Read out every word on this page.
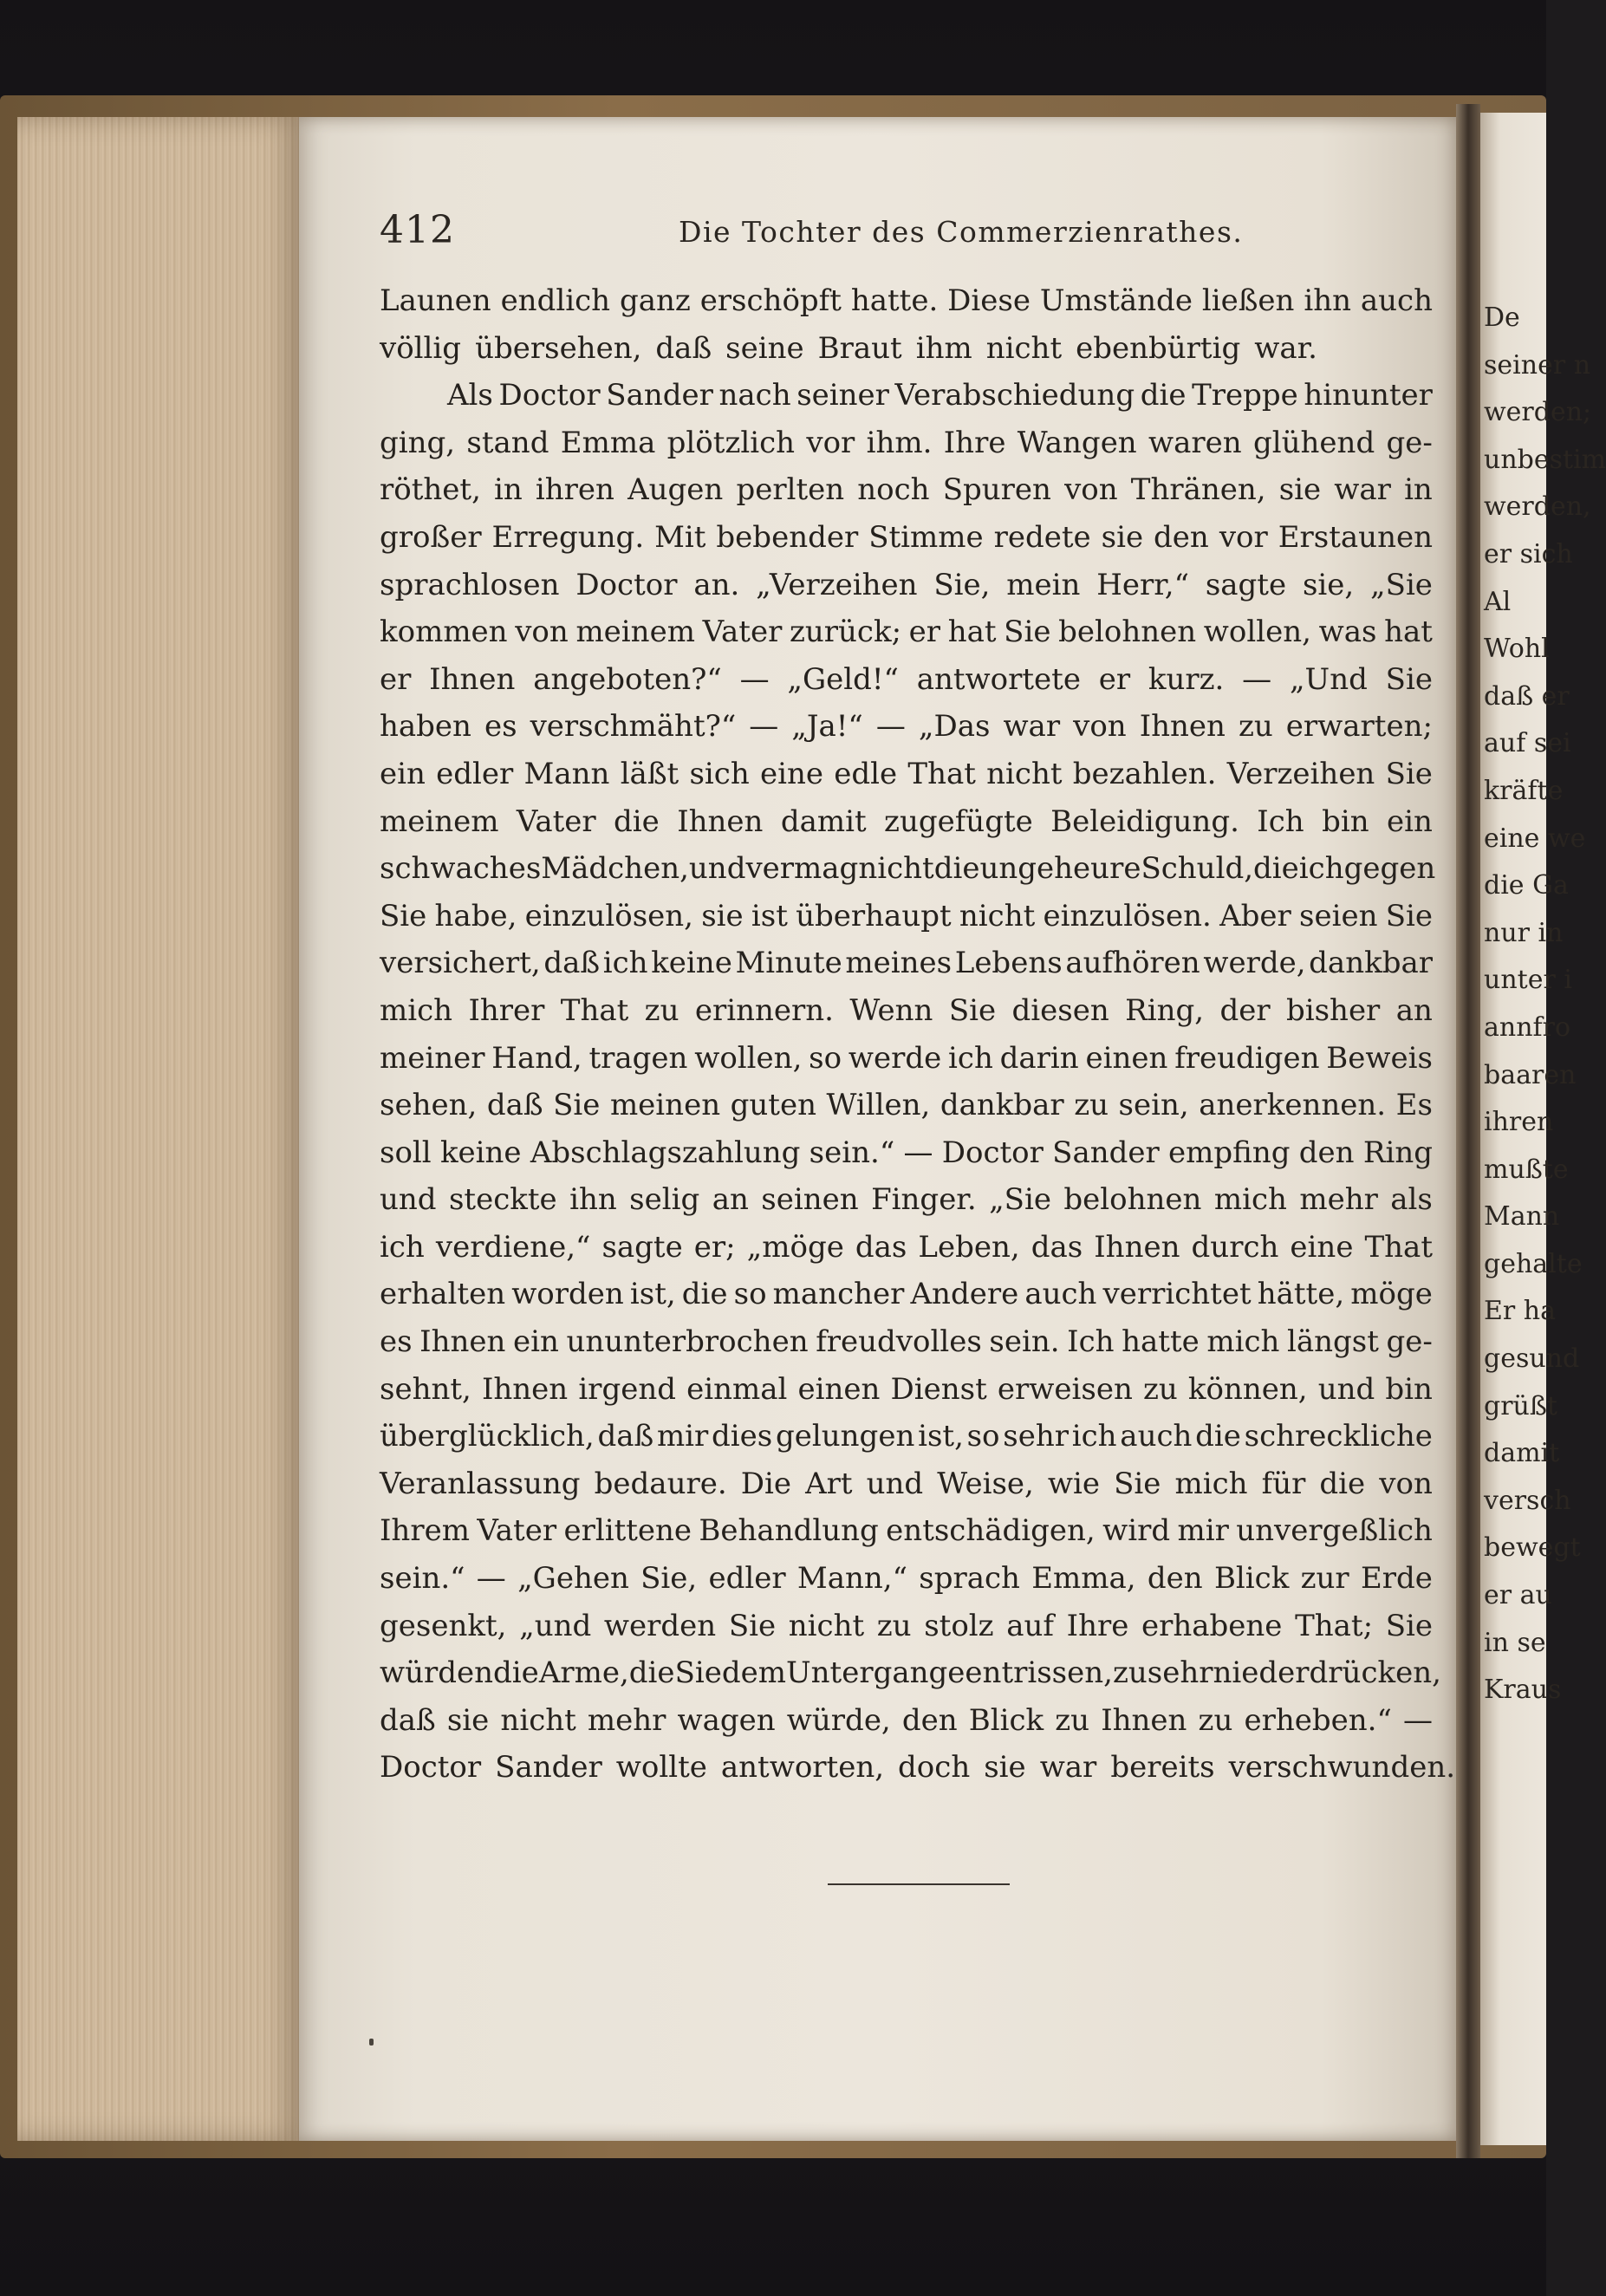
De
seiner n
werden;
unbestim
werden,
er sich
Al
Wohl
daß er
auf sei
kräfte
eine we
die Ga
nur in
unter i
annfro
baaren
ihren
mußte
Mann
gehalte
Er ha
gesund
grüßt
damit
versch
bewegt
er au
in se
Kraus
412	Die Tochter des Commerzienrathes.
Launen endlich ganz erschöpft hatte. Diese Umstände ließen ihn auch
völlig übersehen, daß seine Braut ihm nicht ebenbürtig war.
Als Doctor Sander nach seiner Verabschiedung die Treppe hinunter
ging, stand Emma plötzlich vor ihm. Ihre Wangen waren glühend ge-
röthet, in ihren Augen perlten noch Spuren von Thränen, sie war in
großer Erregung. Mit bebender Stimme redete sie den vor Erstaunen
sprachlosen Doctor an. „Verzeihen Sie, mein Herr,“ sagte sie, „Sie
kommen von meinem Vater zurück; er hat Sie belohnen wollen, was hat
er Ihnen angeboten?“ — „Geld!“ antwortete er kurz. — „Und Sie
haben es verschmäht?“ — „Ja!“ — „Das war von Ihnen zu erwarten;
ein edler Mann läßt sich eine edle That nicht bezahlen. Verzeihen Sie
meinem Vater die Ihnen damit zugefügte Beleidigung. Ich bin ein
schwaches Mädchen, und vermag nicht die ungeheure Schuld, die ich gegen
Sie habe, einzulösen, sie ist überhaupt nicht einzulösen. Aber seien Sie
versichert, daß ich keine Minute meines Lebens aufhören werde, dankbar
mich Ihrer That zu erinnern. Wenn Sie diesen Ring, der bisher an
meiner Hand, tragen wollen, so werde ich darin einen freudigen Beweis
sehen, daß Sie meinen guten Willen, dankbar zu sein, anerkennen. Es
soll keine Abschlagszahlung sein.“ — Doctor Sander empfing den Ring
und steckte ihn selig an seinen Finger. „Sie belohnen mich mehr als
ich verdiene,“ sagte er; „möge das Leben, das Ihnen durch eine That
erhalten worden ist, die so mancher Andere auch verrichtet hätte, möge
es Ihnen ein ununterbrochen freudvolles sein. Ich hatte mich längst ge-
sehnt, Ihnen irgend einmal einen Dienst erweisen zu können, und bin
überglücklich, daß mir dies gelungen ist, so sehr ich auch die schreckliche
Veranlassung bedaure. Die Art und Weise, wie Sie mich für die von
Ihrem Vater erlittene Behandlung entschädigen, wird mir unvergeßlich
sein.“ — „Gehen Sie, edler Mann,“ sprach Emma, den Blick zur Erde
gesenkt, „und werden Sie nicht zu stolz auf Ihre erhabene That; Sie
würden die Arme, die Sie dem Untergange entrissen, zu sehr niederdrücken,
daß sie nicht mehr wagen würde, den Blick zu Ihnen zu erheben.“ —
Doctor Sander wollte antworten, doch sie war bereits verschwunden.
